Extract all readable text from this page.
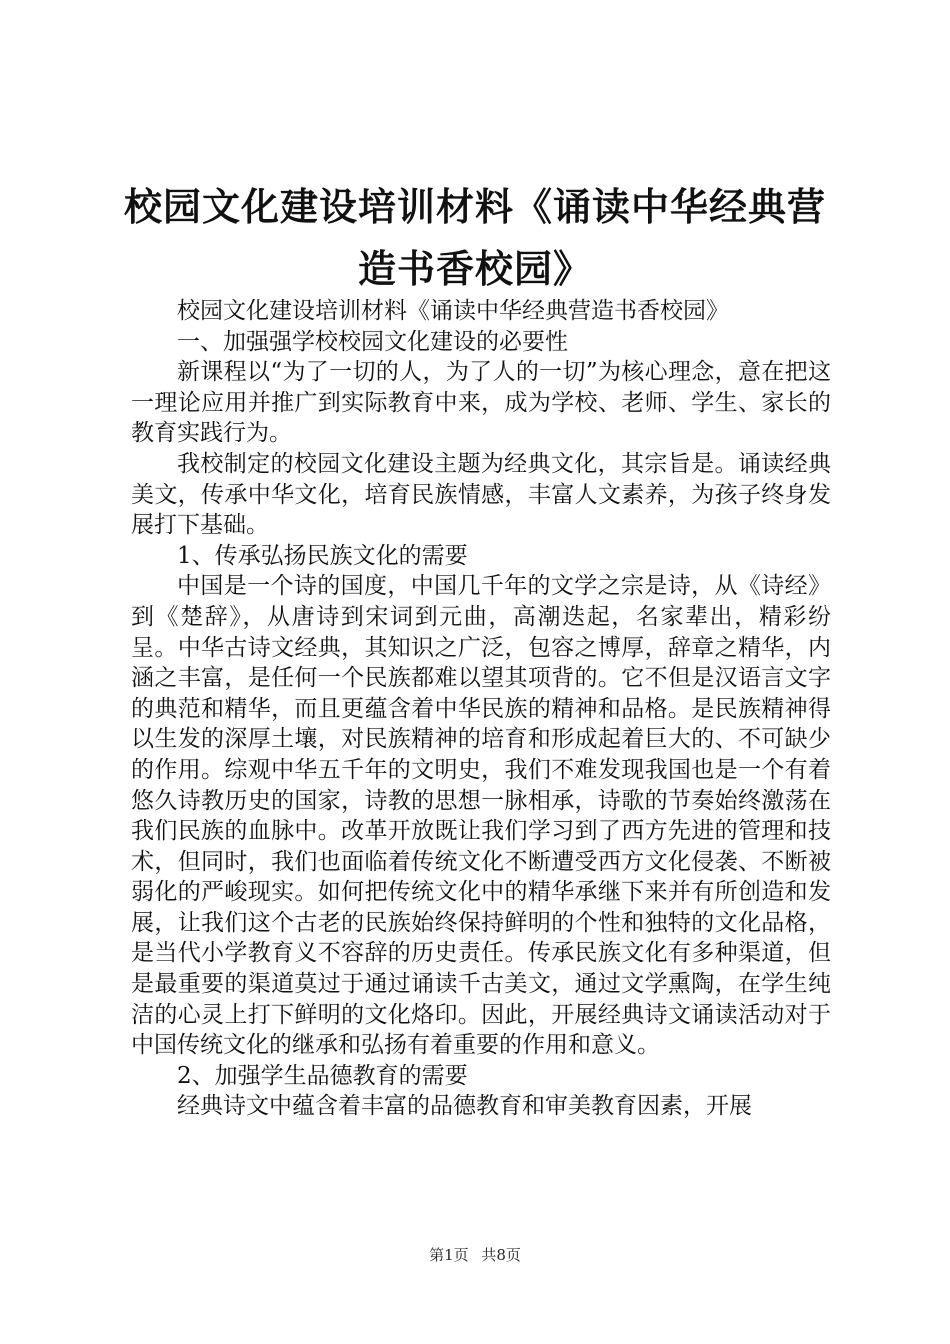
校园文化建设培训材料《诵读中华经典营造书香校园》

校园文化建设培训材料《诵读中华经典营造书香校园》

一、加强强学校校园文化建设的必要性

新课程以“为了一切的人，为了人的一切”为核心理念，意在把这一理论应用并推广到实际教育中来，成为学校、老师、学生、家长的教育实践行为。

我校制定的校园文化建设主题为经典文化，其宗旨是。诵读经典美文，传承中华文化，培育民族情感，丰富人文素养，为孩子终身发展打下基础。

1、传承弘扬民族文化的需要

中国是一个诗的国度，中国几千年的文学之宗是诗，从《诗经》到《楚辞》，从唐诗到宋词到元曲，高潮迭起，名家辈出，精彩纷呈。中华古诗文经典，其知识之广泛，包容之博厚，辞章之精华，内涵之丰富，是任何一个民族都难以望其项背的。它不但是汉语言文字的典范和精华，而且更蕴含着中华民族的精神和品格。是民族精神得以生发的深厚土壤，对民族精神的培育和形成起着巨大的、不可缺少的作用。综观中华五千年的文明史，我们不难发现我国也是一个有着悠久诗教历史的国家，诗教的思想一脉相承，诗歌的节奏始终激荡在我们民族的血脉中。改革开放既让我们学习到了西方先进的管理和技术，但同时，我们也面临着传统文化不断遭受西方文化侵袭、不断被弱化的严峻现实。如何把传统文化中的精华承继下来并有所创造和发展，让我们这个古老的民族始终保持鲜明的个性和独特的文化品格，是当代小学教育义不容辞的历史责任。传承民族文化有多种渠道，但是最重要的渠道莫过于通过诵读千古美文，通过文学熏陶，在学生纯洁的心灵上打下鲜明的文化烙印。因此，开展经典诗文诵读活动对于中国传统文化的继承和弘扬有着重要的作用和意义。

2、加强学生品德教育的需要

经典诗文中蕴含着丰富的品德教育和审美教育因素，开展

第1页 共8页
